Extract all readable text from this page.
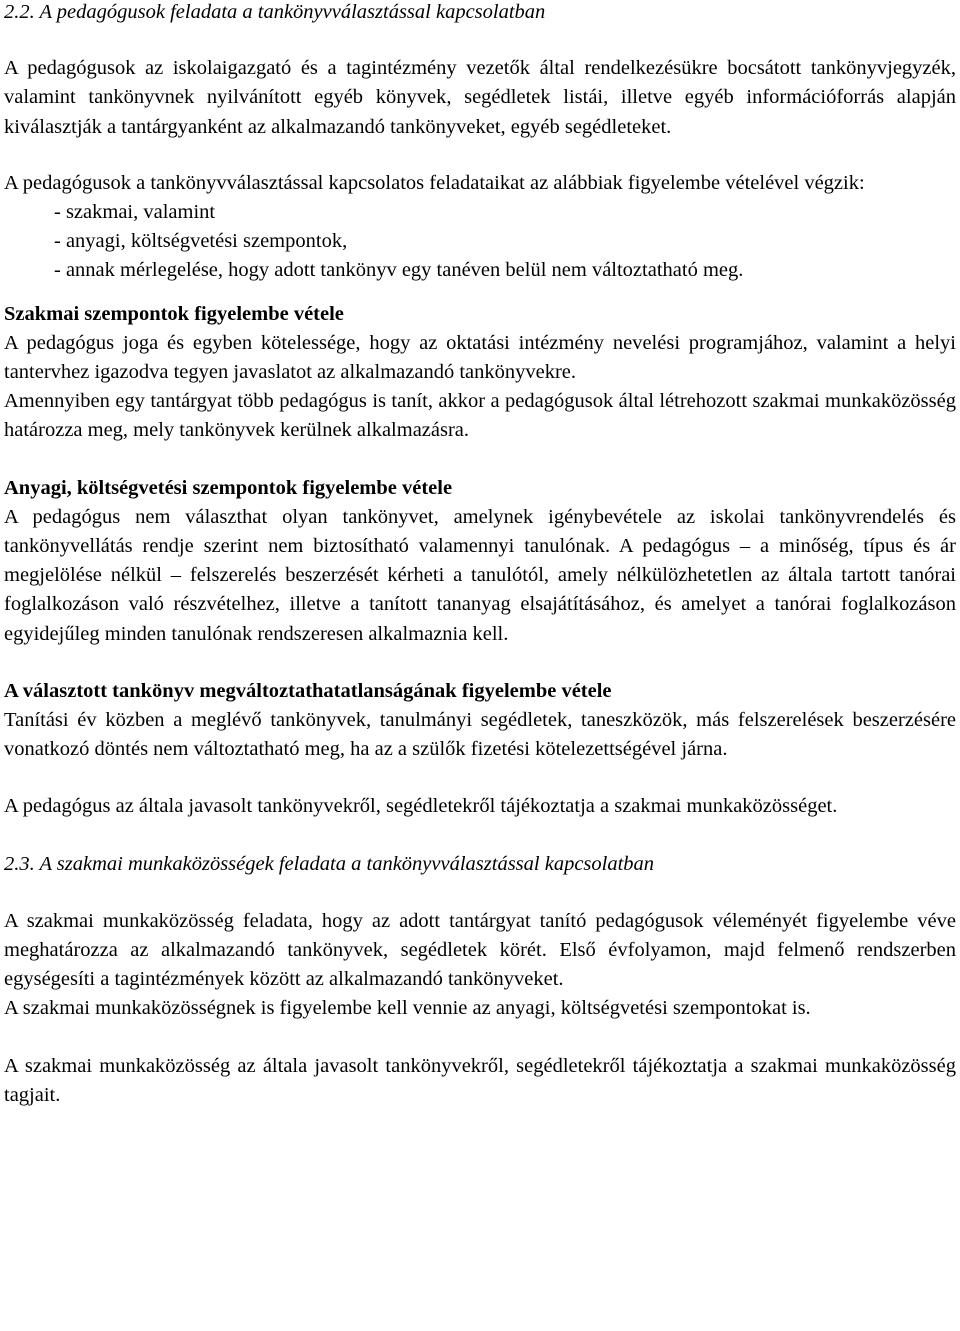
2.2. A pedagógusok feladata a tankönyvválasztással kapcsolatban

A pedagógusok az iskolaigazgató és a tagintézmény vezetők által rendelkezésükre bocsátott tankönyvjegyzék, valamint tankönyvnek nyilvánított egyéb könyvek, segédletek listái, illetve egyéb információforrás alapján kiválasztják a tantárgyanként az alkalmazandó tankönyveket, egyéb segédleteket.

A pedagógusok a tankönyvválasztással kapcsolatos feladataikat az alábbiak figyelembe vételével végzik:

- szakmai, valamint

- anyagi, költségvetési szempontok,

- annak mérlegelése, hogy adott tankönyv egy tanéven belül nem változtatható meg.

Szakmai szempontok figyelembe vétele

A pedagógus joga és egyben kötelessége, hogy az oktatási intézmény nevelési programjához, valamint a helyi tantervhez igazodva tegyen javaslatot az alkalmazandó tankönyvekre.

Amennyiben egy tantárgyat több pedagógus is tanít, akkor a pedagógusok által létrehozott szakmai munkaközösség határozza meg, mely tankönyvek kerülnek alkalmazásra.

Anyagi, költségvetési szempontok figyelembe vétele

A pedagógus nem választhat olyan tankönyvet, amelynek igénybevétele az iskolai tankönyvrendelés és tankönyvellátás rendje szerint nem biztosítható valamennyi tanulónak. A pedagógus – a minőség, típus és ár megjelölése nélkül – felszerelés beszerzését kérheti a tanulótól, amely nélkülözhetetlen az általa tartott tanórai foglalkozáson való részvételhez, illetve a tanított tananyag elsajátításához, és amelyet a tanórai foglalkozáson egyidejűleg minden tanulónak rendszeresen alkalmaznia kell.

A választott tankönyv megváltoztathatatlanságának figyelembe vétele

Tanítási év közben a meglévő tankönyvek, tanulmányi segédletek, taneszközök, más felszerelések beszerzésére vonatkozó döntés nem változtatható meg, ha az a szülők fizetési kötelezettségével járna.

A pedagógus az általa javasolt tankönyvekről, segédletekről tájékoztatja a szakmai munkaközösséget.

2.3. A szakmai munkaközösségek feladata a tankönyvválasztással kapcsolatban

A szakmai munkaközösség feladata, hogy az adott tantárgyat tanító pedagógusok véleményét figyelembe véve meghatározza az alkalmazandó tankönyvek, segédletek körét. Első évfolyamon, majd felmenő rendszerben egységesíti a tagintézmények között az alkalmazandó tankönyveket.

A szakmai munkaközösségnek is figyelembe kell vennie az anyagi, költségvetési szempontokat is.

A szakmai munkaközösség az általa javasolt tankönyvekről, segédletekről tájékoztatja a szakmai munkaközösség tagjait.
